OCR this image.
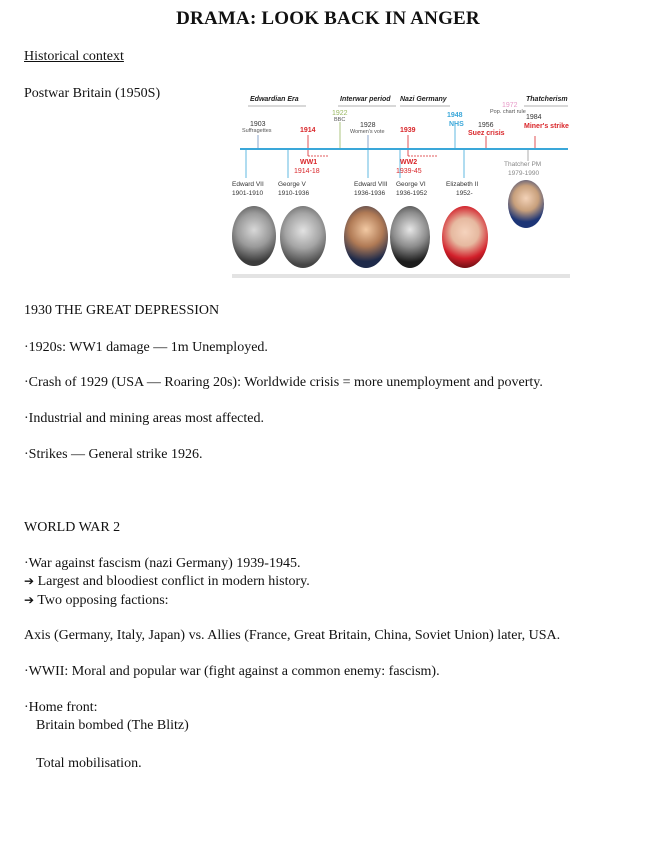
DRAMA: LOOK BACK IN ANGER
Historical context
Postwar Britain (1950S)	Edwardian Era	Interwar period Nazi Germany	Thatcherism
1903
Suffragettes	1914
1922
BBC
1928
Women's vote 1939
1948
NHS 1956
Suez crisis
1972
Pop. chart rule
1984
Miner's strike
WW1
1914-18
WW2
1939-45
Thatcher PM
1979-1990
Edward VII
1901-1910
George V
1910-1936
Edward VIII
1936-1936
George VI
1936-1952
Elizabeth II
1952-
1930 THE GREAT DEPRESSION
·1920s: WW1 damage — 1m Unemployed.
·Crash of 1929 (USA — Roaring 20s): Worldwide crisis = more unemployment and poverty.
·Industrial and mining areas most affected.
·Strikes — General strike 1926.
WORLD WAR 2
·War against fascism (nazi Germany) 1939-1945.
➔ Largest and bloodiest conflict in modern history.
➔ Two opposing factions:
Axis (Germany, Italy, Japan) vs. Allies (France, Great Britain, China, Soviet Union) later, USA.
·WWII: Moral and popular war (fight against a common enemy: fascism).
·Home front:
Britain bombed (The Blitz)
Total mobilisation.
